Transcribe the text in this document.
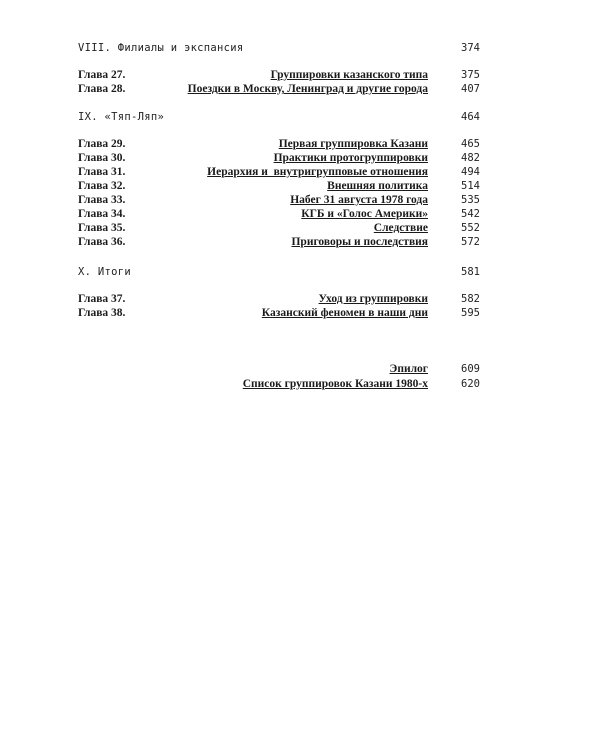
VIII. Филиалы и экспансия	374
Глава 27.	Группировки казанского типа	375
Глава 28.	Поездки в Москву, Ленинград и другие города	407
IX. «Тяп-Ляп»	464
Глава 29.	Первая группировка Казани	465
Глава 30.	Практики протогруппировки	482
Глава 31.	Иерархия и  внутригрупповые отношения	494
Глава 32.	Внешняя политика	514
Глава 33.	Набег 31 августа 1978 года	535
Глава 34.	КГБ и «Голос Америки»	542
Глава 35.	Следствие	552
Глава 36.	Приговоры и последствия	572
X. Итоги	581
Глава 37.	Уход из группировки	582
Глава 38.	Казанский феномен в наши дни	595
Эпилог	609
Список группировок Казани 1980-х	620
